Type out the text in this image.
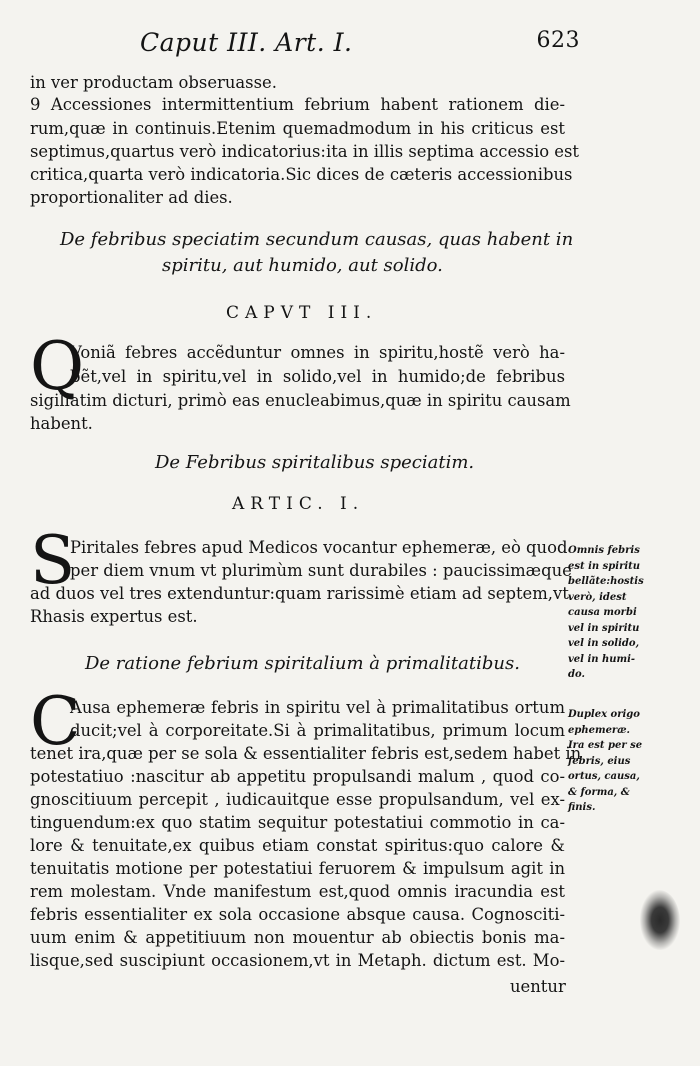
Caput III. Art. I.	623
in ver productam obseruasse.
9 Accessiones intermittentium febrium habent rationem die-
rum,quæ in continuis.Etenim quemadmodum in his criticus est
septimus,quartus verò indicatorius:ita in illis septima accessio est
critica,quarta verò indicatoria.Sic dices de cæteris accessionibus
proportionaliter ad dies.
De febribus speciatim secundum causas, quas habent in
spiritu, aut humido, aut solido.
CAPVT III.
Q
Voniã febres accẽduntur omnes in spiritu,hostẽ verò ha-
bẽt,vel in spiritu,vel in solido,vel in humido;de febribus
sigillatim dicturi, primò eas enucleabimus,quæ in spiritu causam
habent.
De Febribus spiritalibus speciatim.
ARTIC. I.
S
Piritales febres apud Medicos vocantur ephemeræ, eò quod
per diem vnum vt plurimùm sunt durabiles : paucissimæque
ad duos vel tres extenduntur:quam rarissimè etiam ad septem,vt
Rhasis expertus est.
De ratione febrium spiritalium à primalitatibus.
C
Ausa ephemeræ febris in spiritu vel à primalitatibus ortum
ducit;vel à corporeitate.Si à primalitatibus, primum locum
tenet ira,quæ per se sola & essentialiter febris est,sedem habet in
potestatiuo :nascitur ab appetitu propulsandi malum , quod co-
gnoscitiuum percepit , iudicauitque esse propulsandum, vel ex-
tinguendum:ex quo statim sequitur potestatiui commotio in ca-
lore & tenuitate,ex quibus etiam constat spiritus:quo calore &
tenuitatis motione per potestatiui feruorem & impulsum agit in
rem molestam. Vnde manifestum est,quod omnis iracundia est
febris essentialiter ex sola occasione absque causa. Cognosciti-
uum enim & appetitiuum non mouentur ab obiectis bonis ma-
lisque,sed suscipiunt occasionem,vt in Metaph. dictum est. Mo-
uentur
Omnis febris
est in spiritu
bellãte:hostis
verò, idest
causa morbi
vel in spiritu
vel in solido,
vel in humi-
do.
Duplex origo
ephemeræ.
Ira est per se
febris, eius
ortus, causa,
& forma, &
finis.
